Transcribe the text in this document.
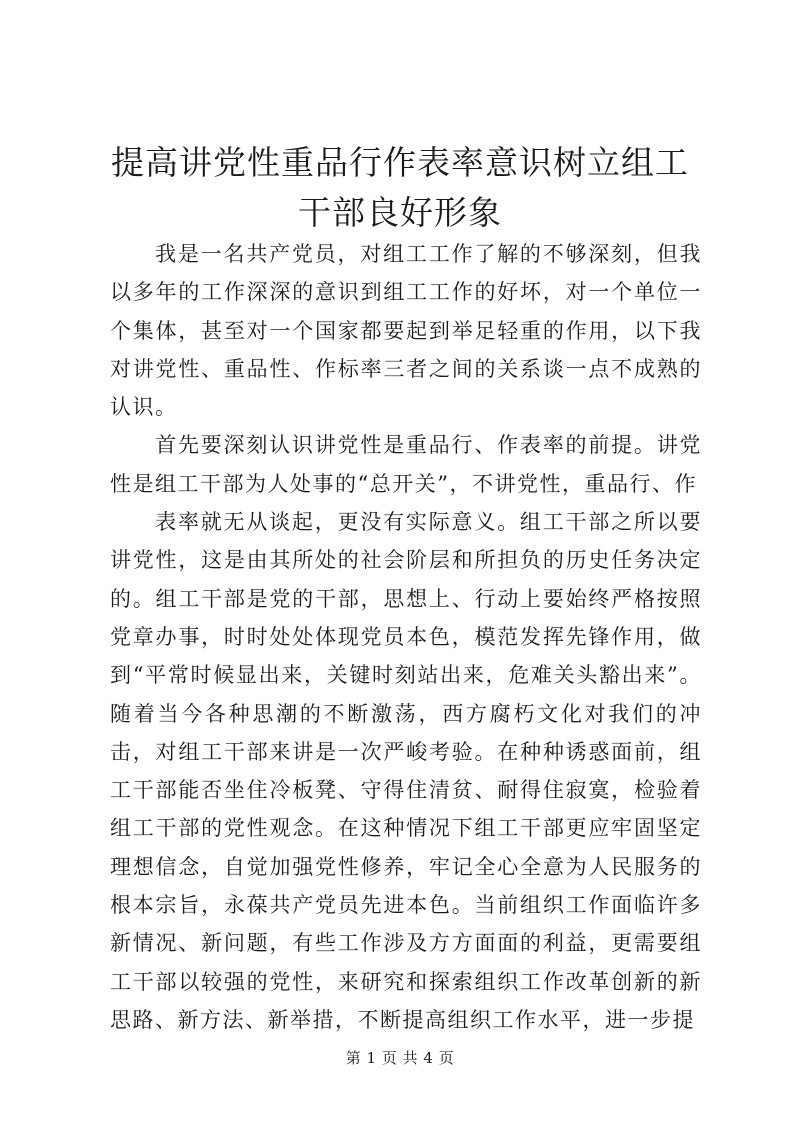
提高讲党性重品行作表率意识树立组工干部良好形象

我是一名共产党员，对组工工作了解的不够深刻，但我以多年的工作深深的意识到组工工作的好坏，对一个单位一个集体，甚至对一个国家都要起到举足轻重的作用，以下我对讲党性、重品性、作标率三者之间的关系谈一点不成熟的认识。

首先要深刻认识讲党性是重品行、作表率的前提。讲党性是组工干部为人处事的“总开关”，不讲党性，重品行、作

表率就无从谈起，更没有实际意义。组工干部之所以要讲党性，这是由其所处的社会阶层和所担负的历史任务决定的。组工干部是党的干部，思想上、行动上要始终严格按照党章办事，时时处处体现党员本色，模范发挥先锋作用，做到“平常时候显出来，关键时刻站出来，危难关头豁出来”。随着当今各种思潮的不断激荡，西方腐朽文化对我们的冲击，对组工干部来讲是一次严峻考验。在种种诱惑面前，组工干部能否坐住冷板凳、守得住清贫、耐得住寂寞，检验着组工干部的党性观念。在这种情况下组工干部更应牢固坚定理想信念，自觉加强党性修养，牢记全心全意为人民服务的根本宗旨，永葆共产党员先进本色。当前组织工作面临许多新情况、新问题，有些工作涉及方方面面的利益，更需要组工干部以较强的党性，来研究和探索组织工作改革创新的新思路、新方法、新举措，不断提高组织工作水平，进一步提

第 1 页 共 4 页
